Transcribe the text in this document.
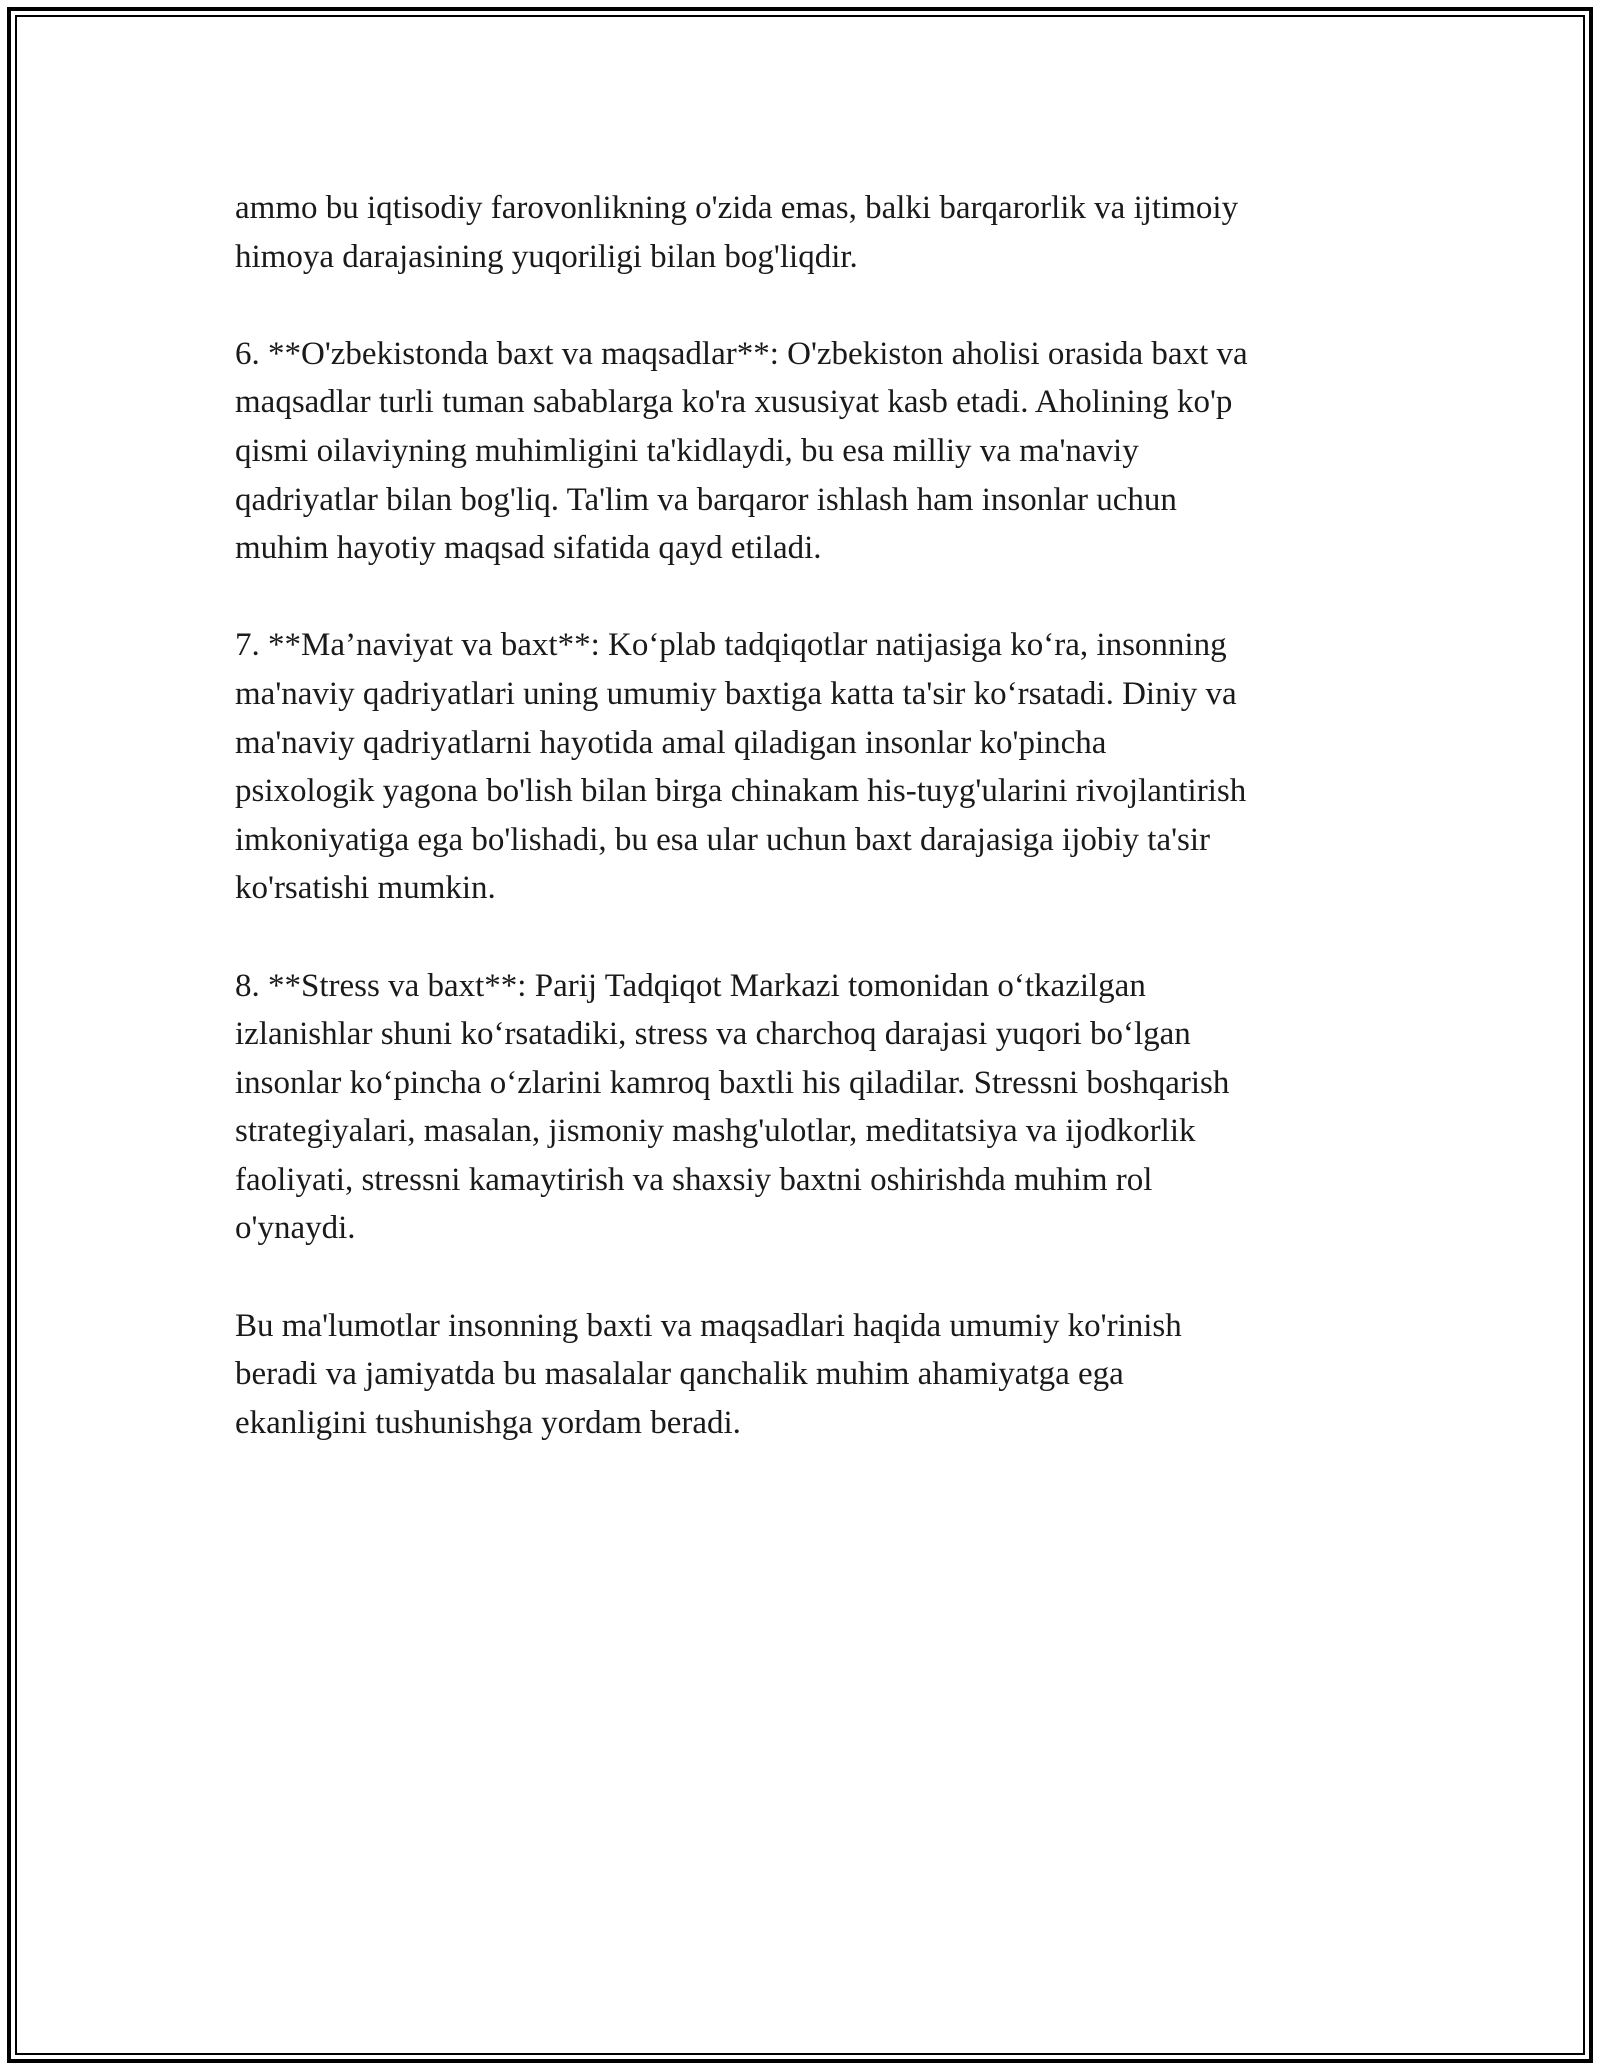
ammo bu iqtisodiy farovonlikning o'zida emas, balki barqarorlik va ijtimoiy
himoya darajasining yuqoriligi bilan bog'liqdir.

6. **O'zbekistonda baxt va maqsadlar**: O'zbekiston aholisi orasida baxt va
maqsadlar turli tuman sabablarga ko'ra xususiyat kasb etadi. Aholining ko'p
qismi oilaviyning muhimligini ta'kidlaydi, bu esa milliy va ma'naviy
qadriyatlar bilan bog'liq. Ta'lim va barqaror ishlash ham insonlar uchun
muhim hayotiy maqsad sifatida qayd etiladi.

7. **Ma’naviyat va baxt**: Ko‘plab tadqiqotlar natijasiga ko‘ra, insonning
ma'naviy qadriyatlari uning umumiy baxtiga katta ta'sir ko‘rsatadi. Diniy va
ma'naviy qadriyatlarni hayotida amal qiladigan insonlar ko'pincha
psixologik yagona bo'lish bilan birga chinakam his-tuyg'ularini rivojlantirish
imkoniyatiga ega bo'lishadi, bu esa ular uchun baxt darajasiga ijobiy ta'sir
ko'rsatishi mumkin.

8. **Stress va baxt**: Parij Tadqiqot Markazi tomonidan o‘tkazilgan
izlanishlar shuni ko‘rsatadiki, stress va charchoq darajasi yuqori bo‘lgan
insonlar ko‘pincha o‘zlarini kamroq baxtli his qiladilar. Stressni boshqarish
strategiyalari, masalan, jismoniy mashg'ulotlar, meditatsiya va ijodkorlik
faoliyati, stressni kamaytirish va shaxsiy baxtni oshirishda muhim rol
o'ynaydi.

Bu ma'lumotlar insonning baxti va maqsadlari haqida umumiy ko'rinish
beradi va jamiyatda bu masalalar qanchalik muhim ahamiyatga ega
ekanligini tushunishga yordam beradi.
